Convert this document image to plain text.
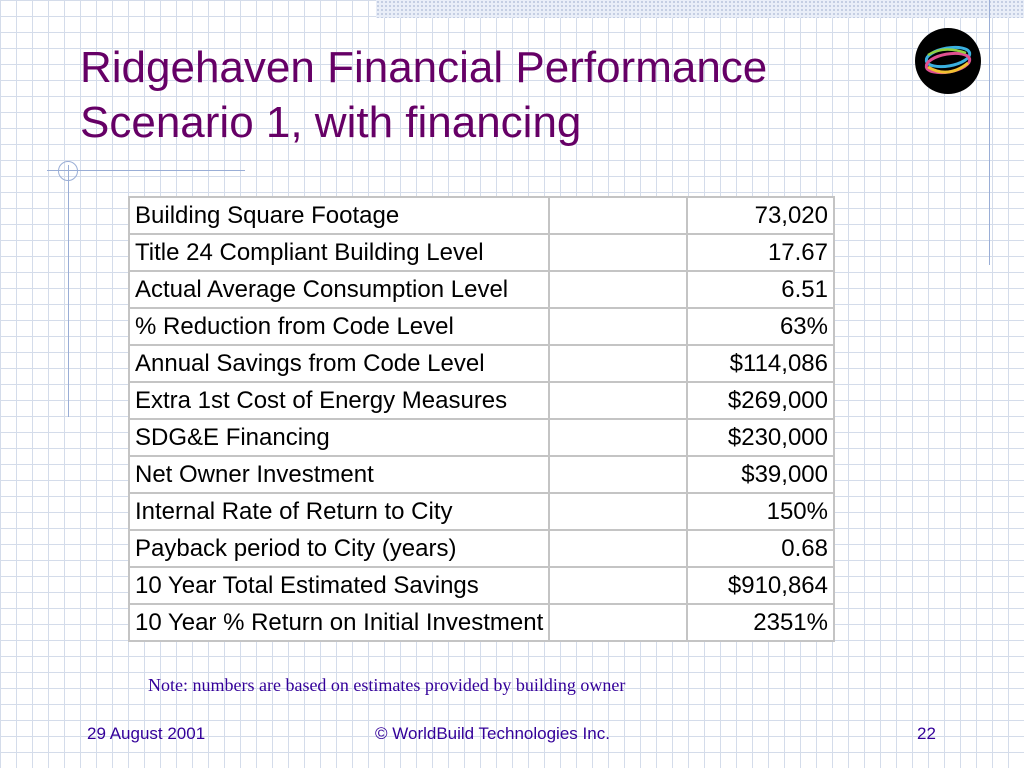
Ridgehaven Financial Performance
Scenario 1, with financing
Building Square Footage		73,020
Title 24 Compliant Building Level		17.67
Actual Average Consumption Level		6.51
% Reduction from Code Level		63%
Annual Savings from Code Level		$114,086
Extra 1st Cost of Energy Measures		$269,000
SDG&E Financing		$230,000
Net Owner Investment		$39,000
Internal Rate of Return to City		150%
Payback period to City (years)		0.68
10 Year Total Estimated Savings		$910,864
10 Year % Return on Initial Investment		2351%

Note: numbers are based on estimates provided by building owner

29 August 2001	© WorldBuild Technologies Inc.	22
